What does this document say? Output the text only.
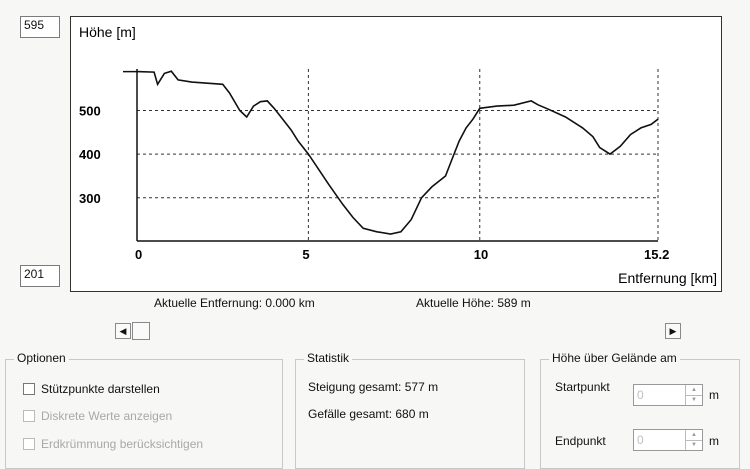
595
201
Höhe [m]
Entfernung [km]
500
400
300
0	5	10	15.2
Aktuelle Entfernung: 0.000 km	Aktuelle Höhe: 589 m
◀	▶
Optionen
Stützpunkte darstellen
Diskrete Werte anzeigen
Erdkrümmung berücksichtigen
Statistik
Steigung gesamt: 577 m
Gefälle gesamt: 680 m
Höhe über Gelände am
Startpunkt
0	▲
▼	m
Endpunkt	0	▲
▼	m
